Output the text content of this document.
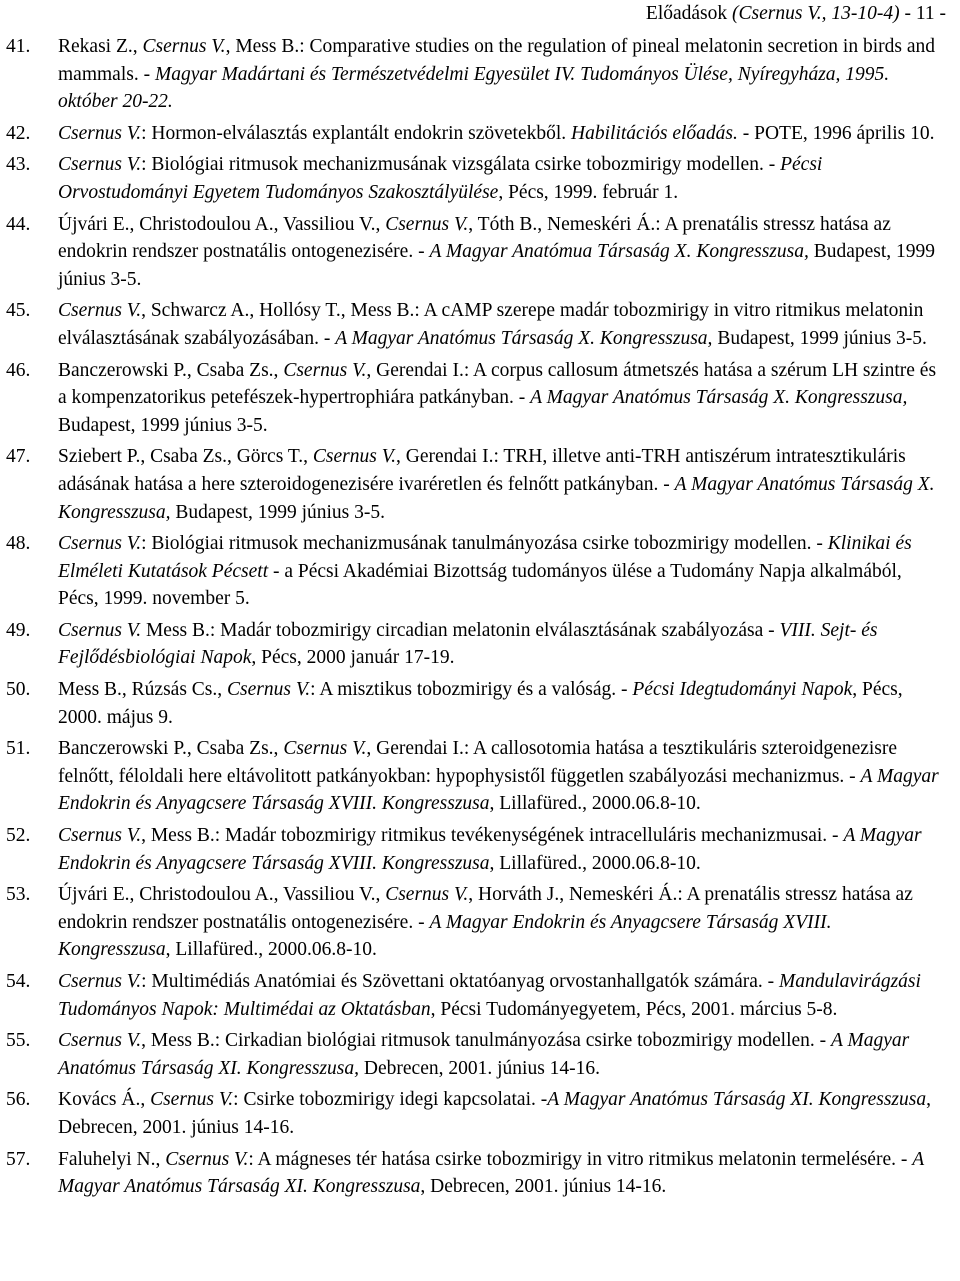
Előadások (Csernus V., 13-10-4) - 11 -
41.	Rekasi Z., Csernus V., Mess B.: Comparative studies on the regulation of pineal melatonin secretion in birds and mammals. - Magyar Madártani és Természetvédelmi Egyesület IV. Tudományos Ülése, Nyíregyháza, 1995. október 20-22.
42.	Csernus V.: Hormon-elválasztás explantált endokrin szövetekből. Habilitációs előadás. - POTE, 1996 április 10.
43.	Csernus V.: Biológiai ritmusok mechanizmusának vizsgálata csirke tobozmirigy modellen. - Pécsi Orvostudományi Egyetem Tudományos Szakosztályülése, Pécs, 1999. február 1.
44.	Újvári E., Christodoulou A., Vassiliou V., Csernus V., Tóth B., Nemeskéri Á.: A prenatális stressz hatása az endokrin rendszer postnatális ontogenezisére. - A Magyar Anatómua Társaság X. Kongresszusa, Budapest, 1999 június 3-5.
45.	Csernus V., Schwarcz A., Hollósy T., Mess B.: A cAMP szerepe madár tobozmirigy in vitro ritmikus melatonin elválasztásának szabályozásában. - A Magyar Anatómus Társaság X. Kongresszusa, Budapest, 1999 június 3-5.
46.	Banczerowski P., Csaba Zs., Csernus V., Gerendai I.: A corpus callosum átmetszés hatása a szérum LH szintre és a kompenzatorikus petefészek-hypertrophiára patkányban. - A Magyar Anatómus Társaság X. Kongresszusa, Budapest, 1999 június 3-5.
47.	Sziebert P., Csaba Zs., Görcs T., Csernus V., Gerendai I.: TRH, illetve anti-TRH antiszérum intratesztikuláris adásának hatása a here szteroidogenezisére ivaréretlen és felnőtt patkányban. - A Magyar Anatómus Társaság X. Kongresszusa, Budapest, 1999 június 3-5.
48.	Csernus V.: Biológiai ritmusok mechanizmusának tanulmányozása csirke tobozmirigy modellen. - Klinikai és Elméleti Kutatások Pécsett - a Pécsi Akadémiai Bizottság tudományos ülése a Tudomány Napja alkalmából, Pécs, 1999. november 5.
49.	Csernus V. Mess B.: Madár tobozmirigy circadian melatonin elválasztásának szabályozása - VIII. Sejt- és Fejlődésbiológiai Napok, Pécs, 2000 január 17-19.
50.	Mess B., Rúzsás Cs., Csernus V.: A misztikus tobozmirigy és a valóság. - Pécsi Idegtudományi Napok, Pécs, 2000. május 9.
51.	Banczerowski P., Csaba Zs., Csernus V., Gerendai I.: A callosotomia hatása a tesztikuláris szteroidgenezisre felnőtt, féloldali here eltávolitott patkányokban: hypophysistől független szabályozási mechanizmus. - A Magyar Endokrin és Anyagcsere Társaság XVIII. Kongresszusa, Lillafüred., 2000.06.8-10.
52.	Csernus V., Mess B.: Madár tobozmirigy ritmikus tevékenységének intracelluláris mechanizmusai. - A Magyar Endokrin és Anyagcsere Társaság XVIII. Kongresszusa, Lillafüred., 2000.06.8-10.
53.	Újvári E., Christodoulou A., Vassiliou V., Csernus V., Horváth J., Nemeskéri Á.: A prenatális stressz hatása az endokrin rendszer postnatális ontogenezisére. - A Magyar Endokrin és Anyagcsere Társaság XVIII. Kongresszusa, Lillafüred., 2000.06.8-10.
54.	Csernus V.: Multimédiás Anatómiai és Szövettani oktatóanyag orvostanhallgatók számára. - Mandulavirágzási Tudományos Napok: Multimédai az Oktatásban, Pécsi Tudományegyetem, Pécs, 2001. március 5-8.
55.	Csernus V., Mess B.: Cirkadian biológiai ritmusok tanulmányozása csirke tobozmirigy modellen. - A Magyar Anatómus Társaság XI. Kongresszusa, Debrecen, 2001. június 14-16.
56.	Kovács Á., Csernus V.: Csirke tobozmirigy idegi kapcsolatai. -A Magyar Anatómus Társaság XI. Kongresszusa, Debrecen, 2001. június 14-16.
57.	Faluhelyi N., Csernus V.: A mágneses tér hatása csirke tobozmirigy in vitro ritmikus melatonin termelésére. - A Magyar Anatómus Társaság XI. Kongresszusa, Debrecen, 2001. június 14-16.
